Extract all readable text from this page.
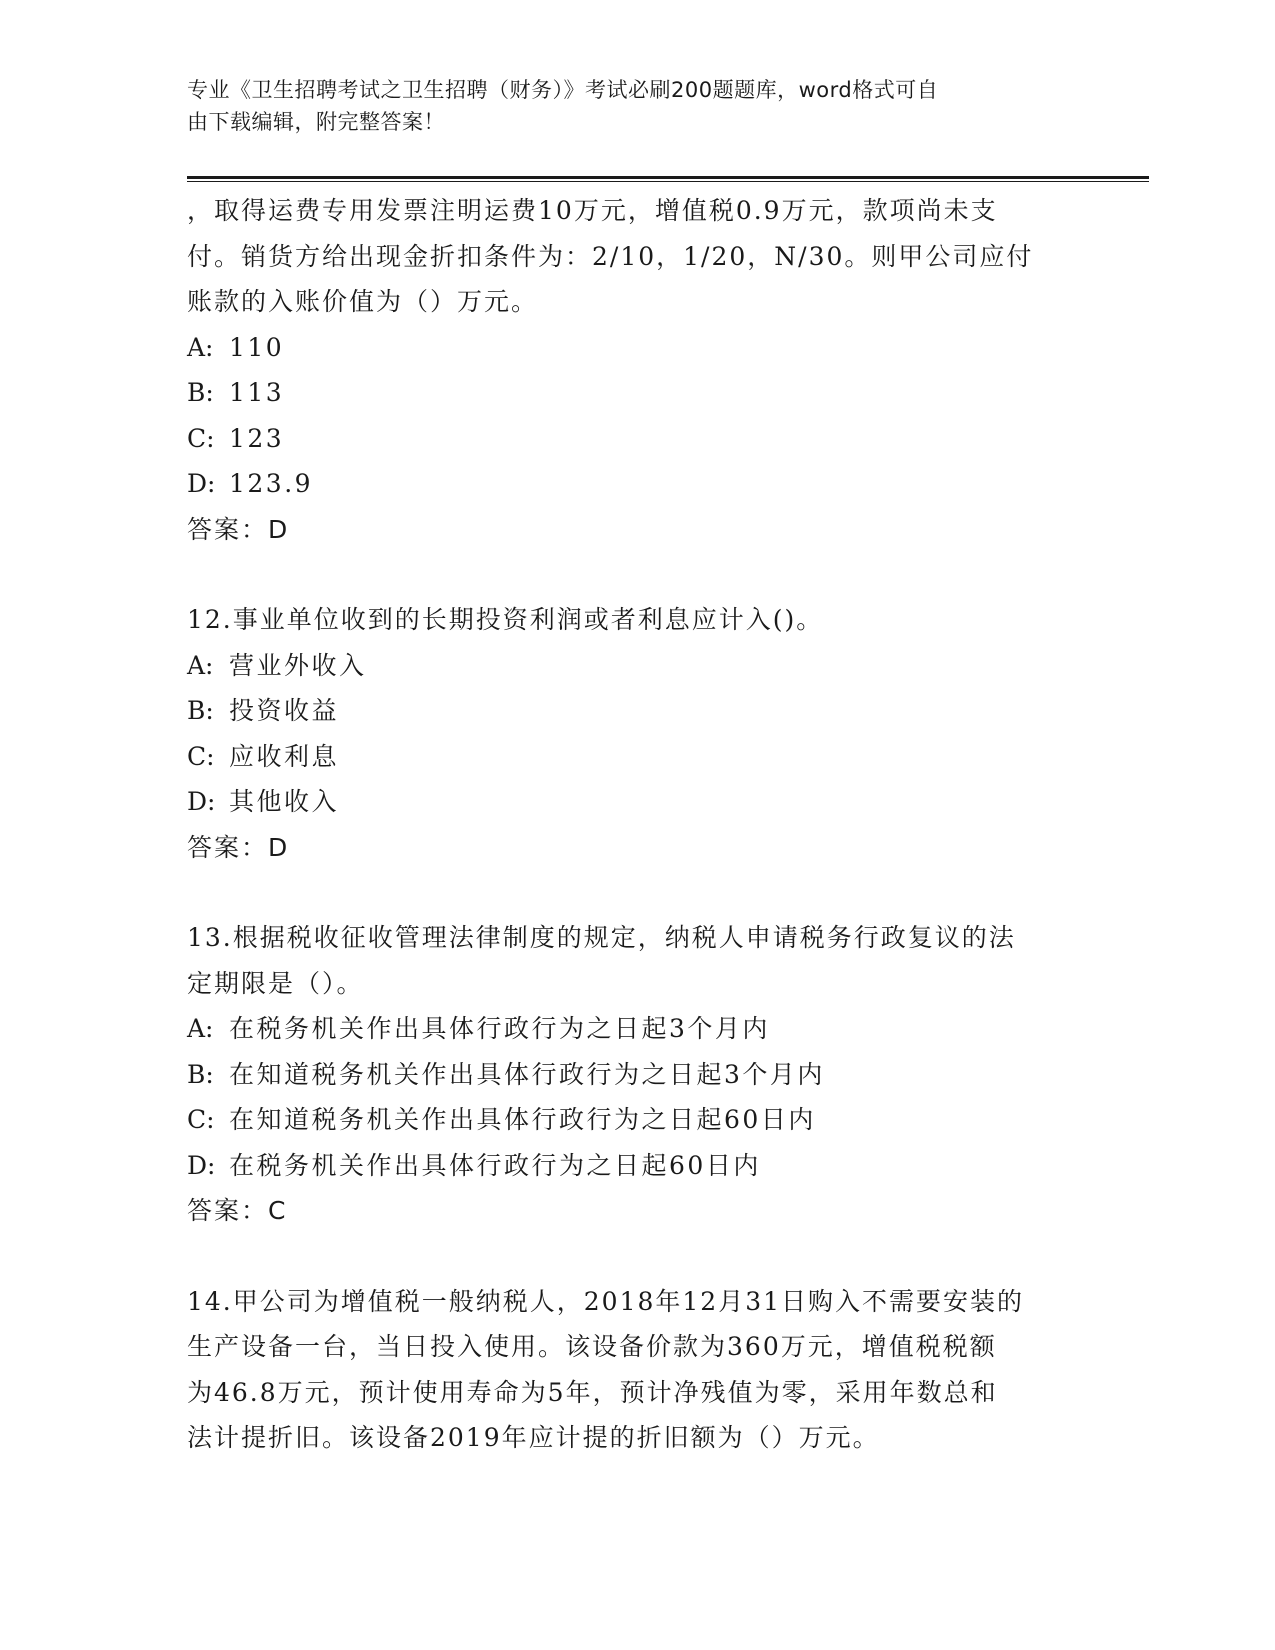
专业《卫生招聘考试之卫生招聘（财务）》考试必刷200题题库，word格式可自
由下载编辑，附完整答案！

，取得运费专用发票注明运费10万元，增值税0.9万元，款项尚未支

付。销货方给出现金折扣条件为：2/10，1/20，N/30。则甲公司应付

账款的入账价值为（）万元。

A: 110

B: 113

C: 123

D: 123.9

答案：D

12.事业单位收到的长期投资利润或者利息应计入()。

A: 营业外收入

B: 投资收益

C: 应收利息

D: 其他收入

答案：D

13.根据税收征收管理法律制度的规定，纳税人申请税务行政复议的法

定期限是（）。

A: 在税务机关作出具体行政行为之日起3个月内

B: 在知道税务机关作出具体行政行为之日起3个月内

C: 在知道税务机关作出具体行政行为之日起60日内

D: 在税务机关作出具体行政行为之日起60日内

答案：C

14.甲公司为增值税一般纳税人，2018年12月31日购入不需要安装的

生产设备一台，当日投入使用。该设备价款为360万元，增值税税额

为46.8万元，预计使用寿命为5年，预计净残值为零，采用年数总和

法计提折旧。该设备2019年应计提的折旧额为（）万元。
